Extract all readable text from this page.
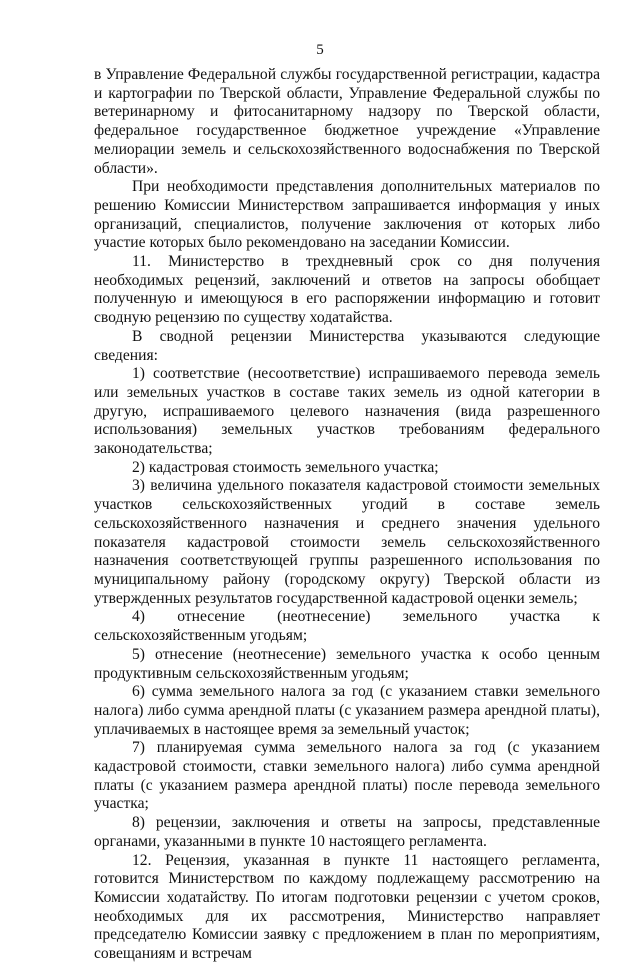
5

в Управление Федеральной службы государственной регистрации, кадастра и картографии по Тверской области, Управление Федеральной службы по ветеринарному и фитосанитарному надзору по Тверской области, федеральное государственное бюджетное учреждение «Управление мелиорации земель и сельскохозяйственного водоснабжения по Тверской области».

При необходимости представления дополнительных материалов по решению Комиссии Министерством запрашивается информация у иных организаций, специалистов, получение заключения от которых либо участие которых было рекомендовано на заседании Комиссии.

11. Министерство в трехдневный срок со дня получения необходимых рецензий, заключений и ответов на запросы обобщает полученную и имеющуюся в его распоряжении информацию и готовит сводную рецензию по существу ходатайства.

В сводной рецензии Министерства указываются следующие сведения:

1) соответствие (несоответствие) испрашиваемого перевода земель или земельных участков в составе таких земель из одной категории в другую, испрашиваемого целевого назначения (вида разрешенного использования) земельных участков требованиям федерального законодательства;

2) кадастровая стоимость земельного участка;

3) величина удельного показателя кадастровой стоимости земельных участков сельскохозяйственных угодий в составе земель сельскохозяйственного назначения и среднего значения удельного показателя кадастровой стоимости земель сельскохозяйственного назначения соответствующей группы разрешенного использования по муниципальному району (городскому округу) Тверской области из утвержденных результатов государственной кадастровой оценки земель;

4) отнесение (неотнесение) земельного участка к сельскохозяйственным угодьям;

5) отнесение (неотнесение) земельного участка к особо ценным продуктивным сельскохозяйственным угодьям;

6) сумма земельного налога за год (с указанием ставки земельного налога) либо сумма арендной платы (с указанием размера арендной платы), уплачиваемых в настоящее время за земельный участок;

7) планируемая сумма земельного налога за год (с указанием кадастровой стоимости, ставки земельного налога) либо сумма арендной платы (с указанием размера арендной платы) после перевода земельного участка;

8) рецензии, заключения и ответы на запросы, представленные органами, указанными в пункте 10 настоящего регламента.

12. Рецензия, указанная в пункте 11 настоящего регламента, готовится Министерством по каждому подлежащему рассмотрению на Комиссии ходатайству. По итогам подготовки рецензии с учетом сроков, необходимых для их рассмотрения, Министерство направляет председателю Комиссии заявку с предложением в план по мероприятиям, совещаниям и встречам
